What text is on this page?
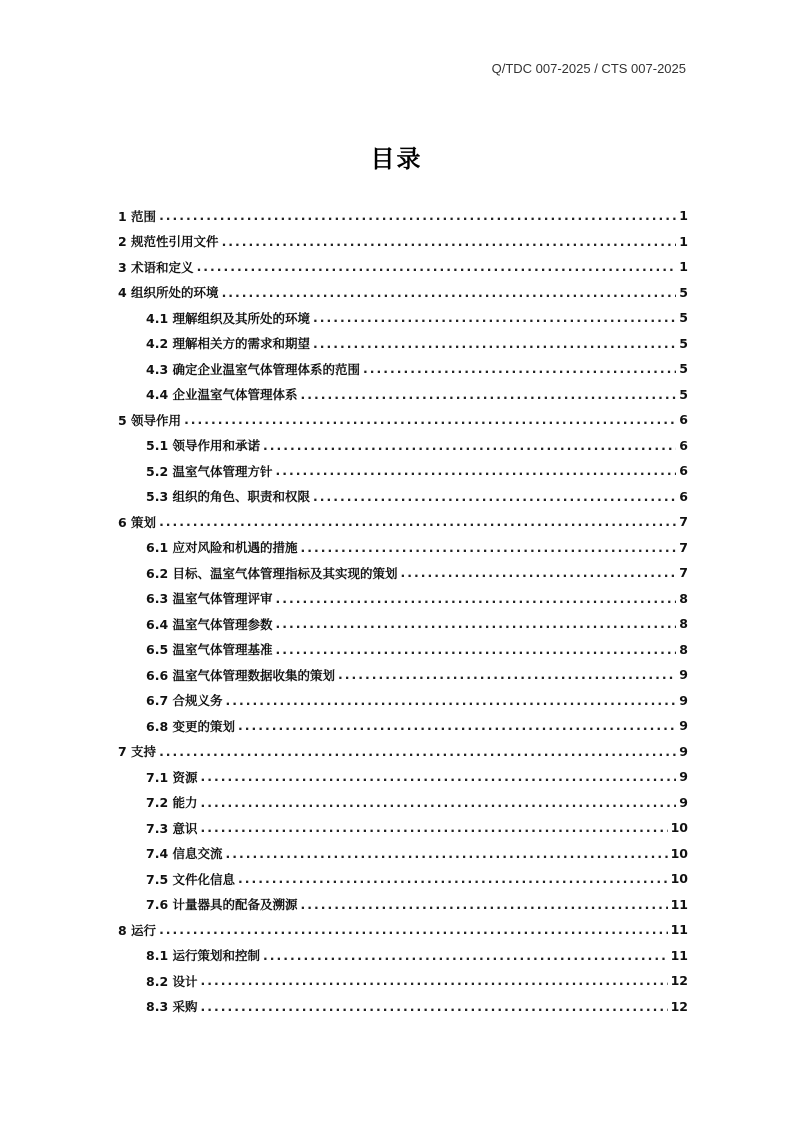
Q/TDC 007-2025 / CTS 007-2025
目录
1 范围 .....	1
2 规范性引用文件 .....	1
3 术语和定义 .....	1
4 组织所处的环境 .....	5
4.1 理解组织及其所处的环境 .....	5
4.2 理解相关方的需求和期望 .....	5
4.3 确定企业温室气体管理体系的范围 .....	5
4.4 企业温室气体管理体系 .....	5
5 领导作用 .....	6
5.1 领导作用和承诺 .....	6
5.2 温室气体管理方针 .....	6
5.3 组织的角色、职责和权限 .....	6
6 策划 .....	7
6.1 应对风险和机遇的措施 .....	7
6.2 目标、温室气体管理指标及其实现的策划 .....	7
6.3 温室气体管理评审 .....	8
6.4 温室气体管理参数 .....	8
6.5 温室气体管理基准 .....	8
6.6 温室气体管理数据收集的策划 .....	9
6.7 合规义务 .....	9
6.8 变更的策划 .....	9
7 支持 .....	9
7.1 资源 .....	9
7.2 能力 .....	9
7.3 意识 .....	10
7.4 信息交流 .....	10
7.5 文件化信息 .....	10
7.6 计量器具的配备及溯源 .....	11
8 运行 .....	11
8.1 运行策划和控制 .....	11
8.2 设计 .....	12
8.3 采购 .....	12
